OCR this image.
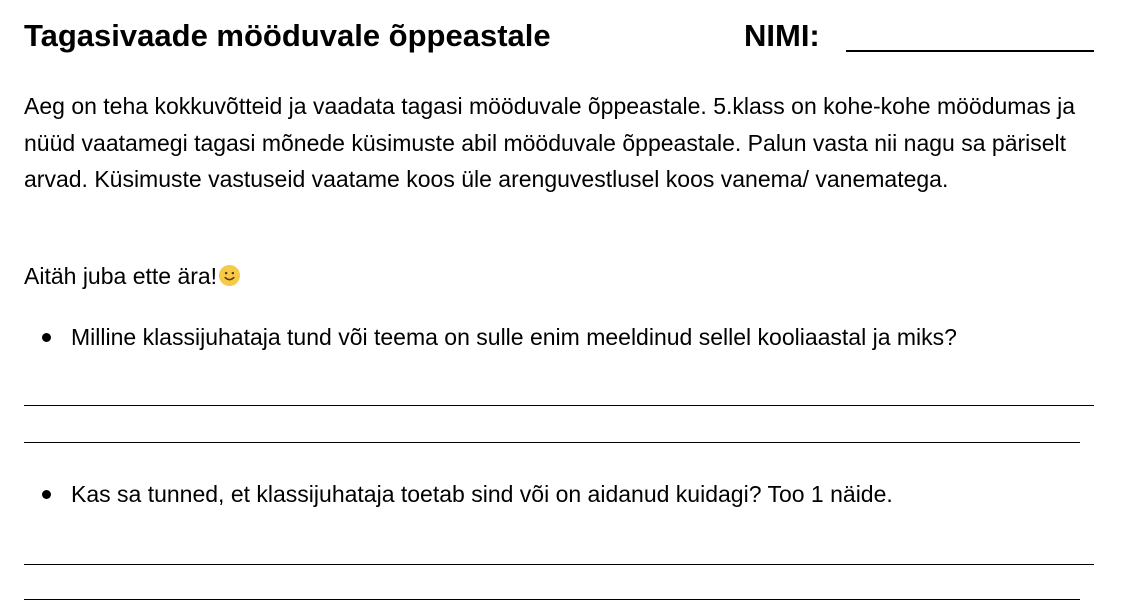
Tagasivaade mööduvale õppeastale	NIMI:

Aeg on teha kokkuvõtteid ja vaadata tagasi mööduvale õppeastale. 5.klass on kohe-kohe möödumas ja nüüd vaatamegi tagasi mõnede küsimuste abil mööduvale õppeastale. Palun vasta nii nagu sa päriselt arvad. Küsimuste vastuseid vaatame koos üle arenguvestlusel koos vanema/ vanematega.

Aitäh juba ette ära!
Milline klassijuhataja tund või teema on sulle enim meeldinud sellel kooliaastal ja miks?
Kas sa tunned, et klassijuhataja toetab sind või on aidanud kuidagi? Too 1 näide.
